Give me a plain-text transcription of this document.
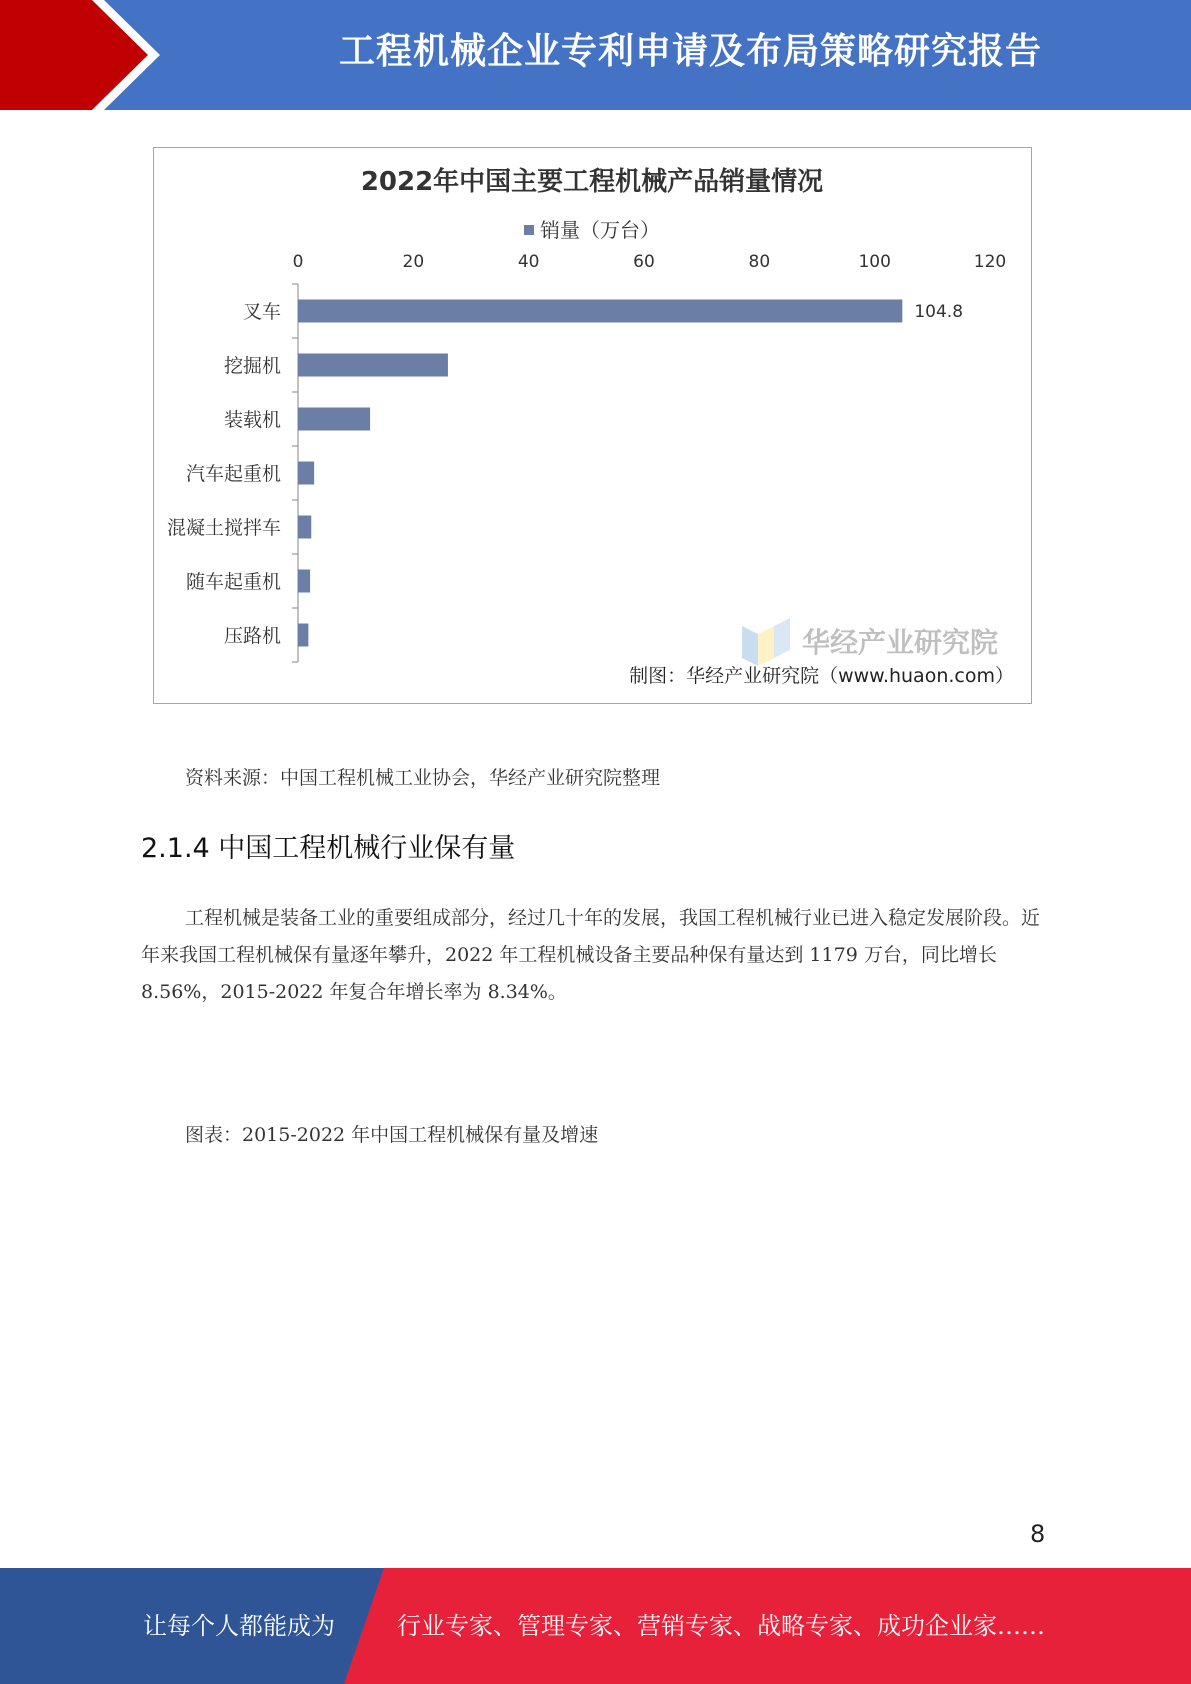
工程机械企业专利申请及布局策略研究报告
2022年中国主要工程机械产品销量情况
销量（万台）
0	20	40	60	80	100	120
叉车
挖掘机
装载机
汽车起重机
混凝土搅拌车
随车起重机
压路机
104.8
华经产业研究院
制图：华经产业研究院（www.huaon.com）
资料来源：中国工程机械工业协会，华经产业研究院整理
2.1.4 中国工程机械行业保有量
工程机械是装备工业的重要组成部分，经过几十年的发展，我国工程机械行业已进入稳定发展阶段。近年来我国工程机械保有量逐年攀升，2022 年工程机械设备主要品种保有量达到 1179 万台，同比增长 8.56%，2015-2022 年复合年增长率为 8.34%。
图表：2015-2022 年中国工程机械保有量及增速
8
让每个人都能成为	行业专家、管理专家、营销专家、战略专家、成功企业家……
